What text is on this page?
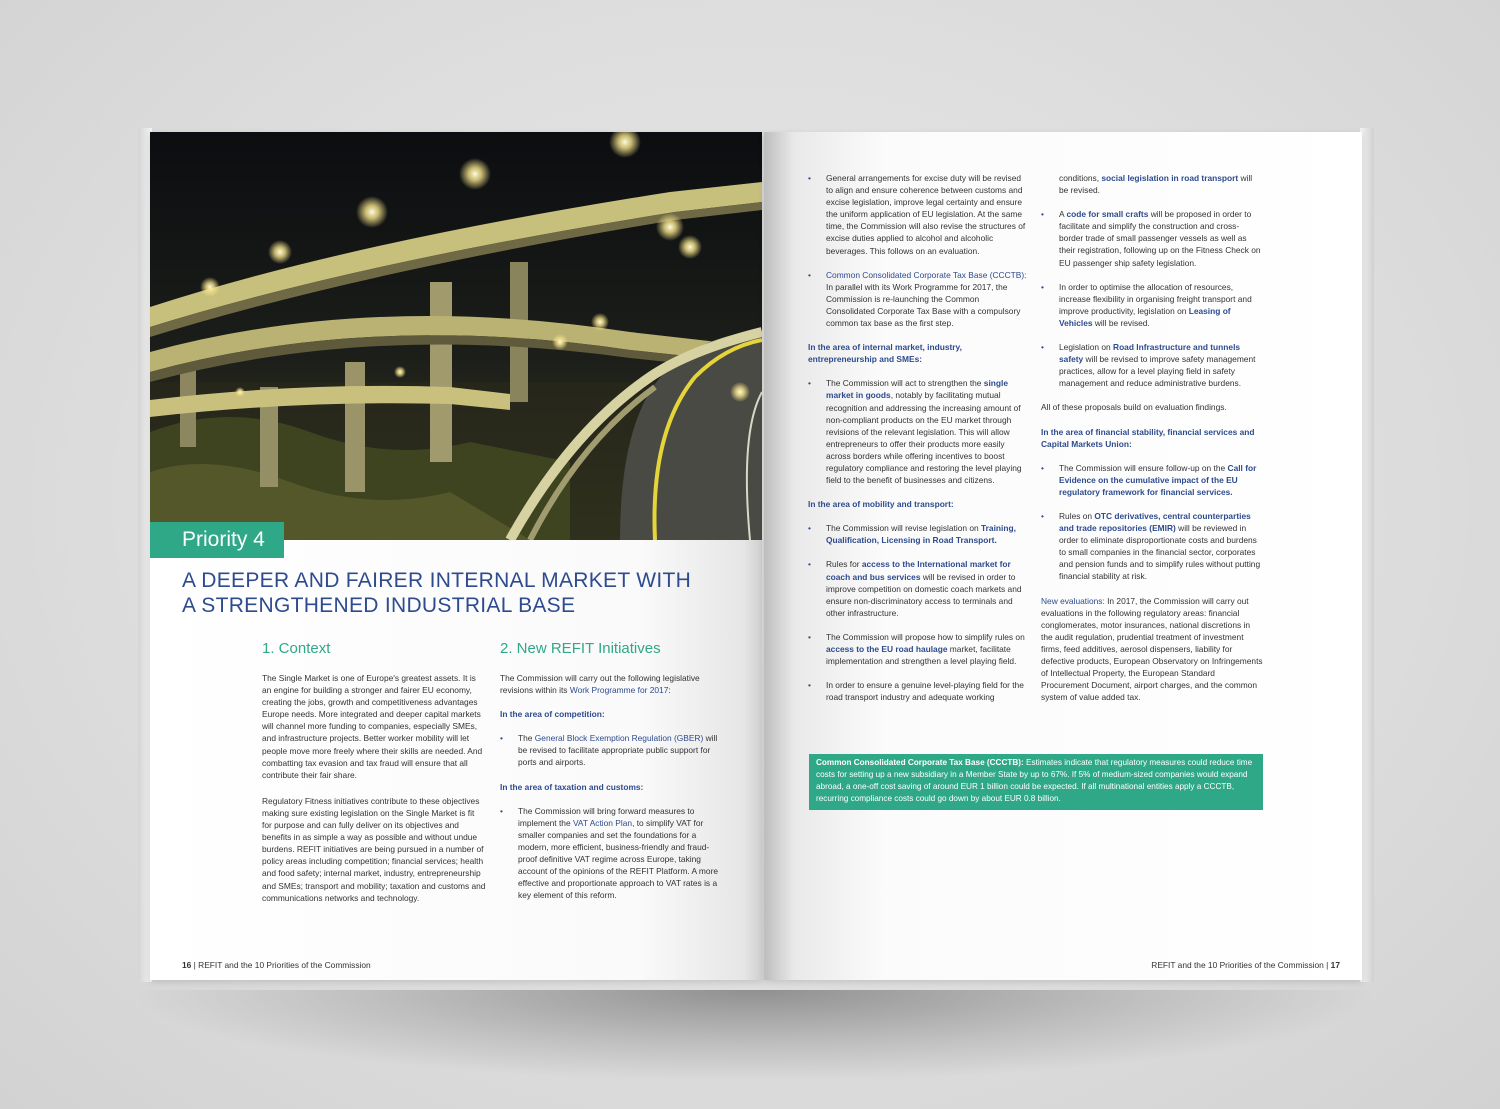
Priority 4
A DEEPER AND FAIRER INTERNAL MARKET WITH
A STRENGTHENED INDUSTRIAL BASE
1. Context

The Single Market is one of Europe's greatest assets. It is an engine for building a stronger and fairer EU economy, creating the jobs, growth and competitiveness advantages Europe needs. More integrated and deeper capital markets will channel more funding to companies, especially SMEs, and infrastructure projects. Better worker mobility will let people move more freely where their skills are needed. And combatting tax evasion and tax fraud will ensure that all contribute their fair share.

Regulatory Fitness initiatives contribute to these objectives making sure existing legislation on the Single Market is fit for purpose and can fully deliver on its objectives and benefits in as simple a way as possible and without undue burdens. REFIT initiatives are being pursued in a number of policy areas including competition; financial services; health and food safety; internal market, industry, entrepreneurship and SMEs; transport and mobility; taxation and customs and communications networks and technology.

2. New REFIT Initiatives

The Commission will carry out the following legislative revisions within its Work Programme for 2017:

In the area of competition:
• The General Block Exemption Regulation (GBER) will be revised to facilitate appropriate public support for ports and airports.
In the area of taxation and customs:
• The Commission will bring forward measures to implement the VAT Action Plan, to simplify VAT for smaller companies and set the foundations for a modern, more efficient, business-friendly and fraud-proof definitive VAT regime across Europe, taking account of the opinions of the REFIT Platform. A more effective and proportionate approach to VAT rates is a key element of this reform.
16 | REFIT and the 10 Priorities of the Commission
• General arrangements for excise duty will be revised to align and ensure coherence between customs and excise legislation, improve legal certainty and ensure the uniform application of EU legislation. At the same time, the Commission will also revise the structures of excise duties applied to alcohol and alcoholic beverages. This follows on an evaluation.
• Common Consolidated Corporate Tax Base (CCCTB): In parallel with its Work Programme for 2017, the Commission is re-launching the Common Consolidated Corporate Tax Base with a compulsory common tax base as the first step.
In the area of internal market, industry, entrepreneurship and SMEs:
• The Commission will act to strengthen the single market in goods, notably by facilitating mutual recognition and addressing the increasing amount of non-compliant products on the EU market through revisions of the relevant legislation. This will allow entrepreneurs to offer their products more easily across borders while offering incentives to boost regulatory compliance and restoring the level playing field to the benefit of businesses and citizens.
In the area of mobility and transport:
• The Commission will revise legislation on Training, Qualification, Licensing in Road Transport.
• Rules for access to the International market for coach and bus services will be revised in order to improve competition on domestic coach markets and ensure non-discriminatory access to terminals and other infrastructure.
• The Commission will propose how to simplify rules on access to the EU road haulage market, facilitate implementation and strengthen a level playing field.
• In order to ensure a genuine level-playing field for the road transport industry and adequate working

conditions, social legislation in road transport will be revised.

• A code for small crafts will be proposed in order to facilitate and simplify the construction and cross-border trade of small passenger vessels as well as their registration, following up on the Fitness Check on EU passenger ship safety legislation.
• In order to optimise the allocation of resources, increase flexibility in organising freight transport and improve productivity, legislation on Leasing of Vehicles will be revised.
• Legislation on Road Infrastructure and tunnels safety will be revised to improve safety management practices, allow for a level playing field in safety management and reduce administrative burdens.

All of these proposals build on evaluation findings.

In the area of financial stability, financial services and Capital Markets Union:
• The Commission will ensure follow-up on the Call for Evidence on the cumulative impact of the EU regulatory framework for financial services.
• Rules on OTC derivatives, central counterparties and trade repositories (EMIR) will be reviewed in order to eliminate disproportionate costs and burdens to small companies in the financial sector, corporates and pension funds and to simplify rules without putting financial stability at risk.

New evaluations: In 2017, the Commission will carry out evaluations in the following regulatory areas: financial conglomerates, motor insurances, national discretions in the audit regulation, prudential treatment of investment firms, feed additives, aerosol dispensers, liability for defective products, European Observatory on Infringements of Intellectual Property, the European Standard Procurement Document, airport charges, and the common system of value added tax.

Common Consolidated Corporate Tax Base (CCCTB): Estimates indicate that regulatory measures could reduce time costs for setting up a new subsidiary in a Member State by up to 67%. If 5% of medium-sized companies would expand abroad, a one-off cost saving of around EUR 1 billion could be expected. If all multinational entities apply a CCCTB, recurring compliance costs could go down by about EUR 0.8 billion.
REFIT and the 10 Priorities of the Commission | 17
